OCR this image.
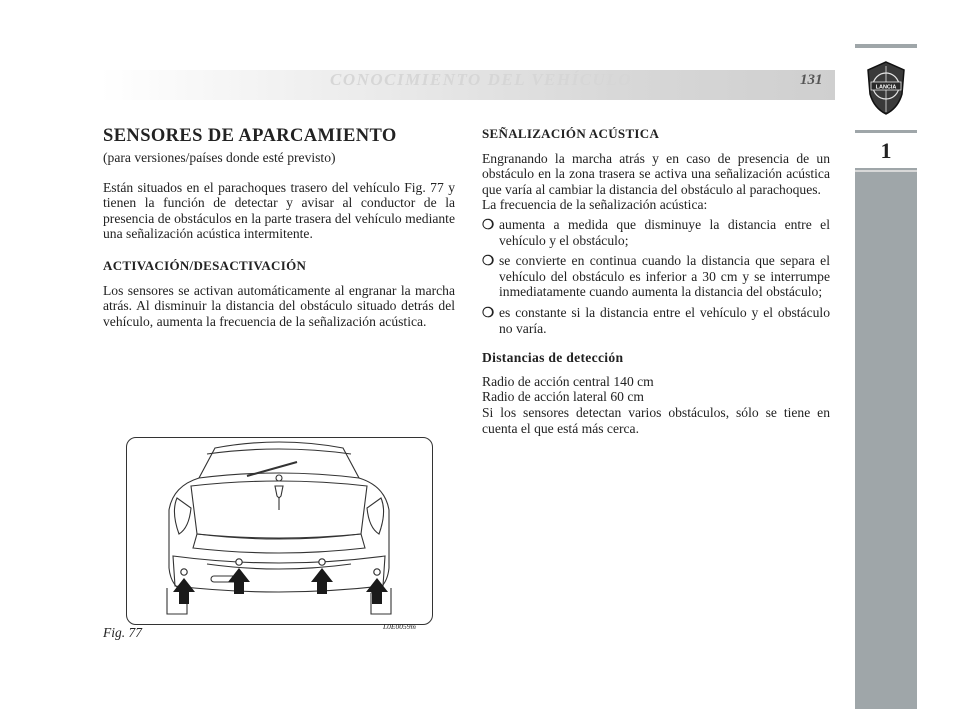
CONOCIMIENTO DEL VEHÍCULO	131	LANCIA
1
SENSORES DE APARCAMIENTO
(para versiones/países donde esté previsto)

Están situados en el parachoques trasero del vehículo Fig. 77 y tienen la función de detectar y avisar al conductor de la presencia de obstáculos en la parte trasera del vehículo mediante una señalización acústica intermitente.

ACTIVACIÓN/DESACTIVACIÓN

Los sensores se activan automáticamente al engranar la marcha atrás. Al disminuir la distancia del obstáculo situado detrás del vehículo, aumenta la frecuencia de la señalización acústica.

SEÑALIZACIÓN ACÚSTICA

Engranando la marcha atrás y en caso de presencia de un obstáculo en la zona trasera se activa una señalización acústica que varía al cambiar la distancia del obstáculo al parachoques.

La frecuencia de la señalización acústica:

❍ aumenta a medida que disminuye la distancia entre el vehículo y el obstáculo;
❍ se convierte en continua cuando la distancia que separa el vehículo del obstáculo es inferior a 30 cm y se interrumpe inmediatamente cuando aumenta la distancia del obstáculo;
❍ es constante si la distancia entre el vehículo y el obstáculo no varía.
Distancias de detección
Radio de acción central 140 cm
Radio de acción lateral 60 cm
Si los sensores detectan varios obstáculos, sólo se tiene en cuenta el que está más cerca.
Fig. 77	L0E0059m
